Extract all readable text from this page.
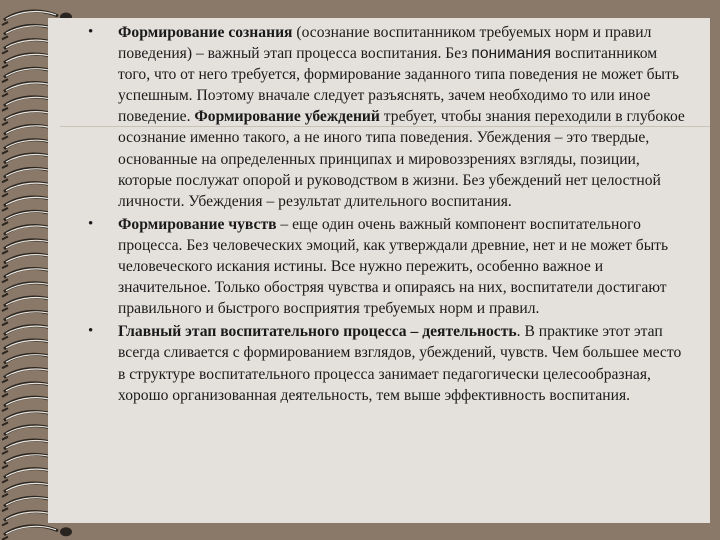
• Формирование сознания (осознание воспитанником требуемых норм и правил поведения) – важный этап процесса воспитания. Без понимания воспитанником того, что от него требуется, формирование заданного типа поведения не может быть успешным. Поэтому вначале следует разъяснять, зачем необходимо то или иное поведение. Формирование убеждений требует, чтобы знания переходили в глубокое осознание именно такого, а не иного типа поведения. Убеждения – это твердые, основанные на определенных принципах и мировоззрениях взгляды, позиции, которые послужат опорой и руководством в жизни. Без убеждений нет целостной личности. Убеждения – результат длительного воспитания.
• Формирование чувств – еще один очень важный компонент воспитательного процесса. Без человеческих эмоций, как утверждали древние, нет и не может быть человеческого искания истины. Все нужно пережить, особенно важное и значительное. Только обостряя чувства и опираясь на них, воспитатели достигают правильного и быстрого восприятия требуемых норм и правил.
• Главный этап воспитательного процесса – деятельность. В практике этот этап всегда сливается с формированием взглядов, убеждений, чувств. Чем большее место в структуре воспитательного процесса занимает педагогически целесообразная, хорошо организованная деятельность, тем выше эффективность воспитания.
